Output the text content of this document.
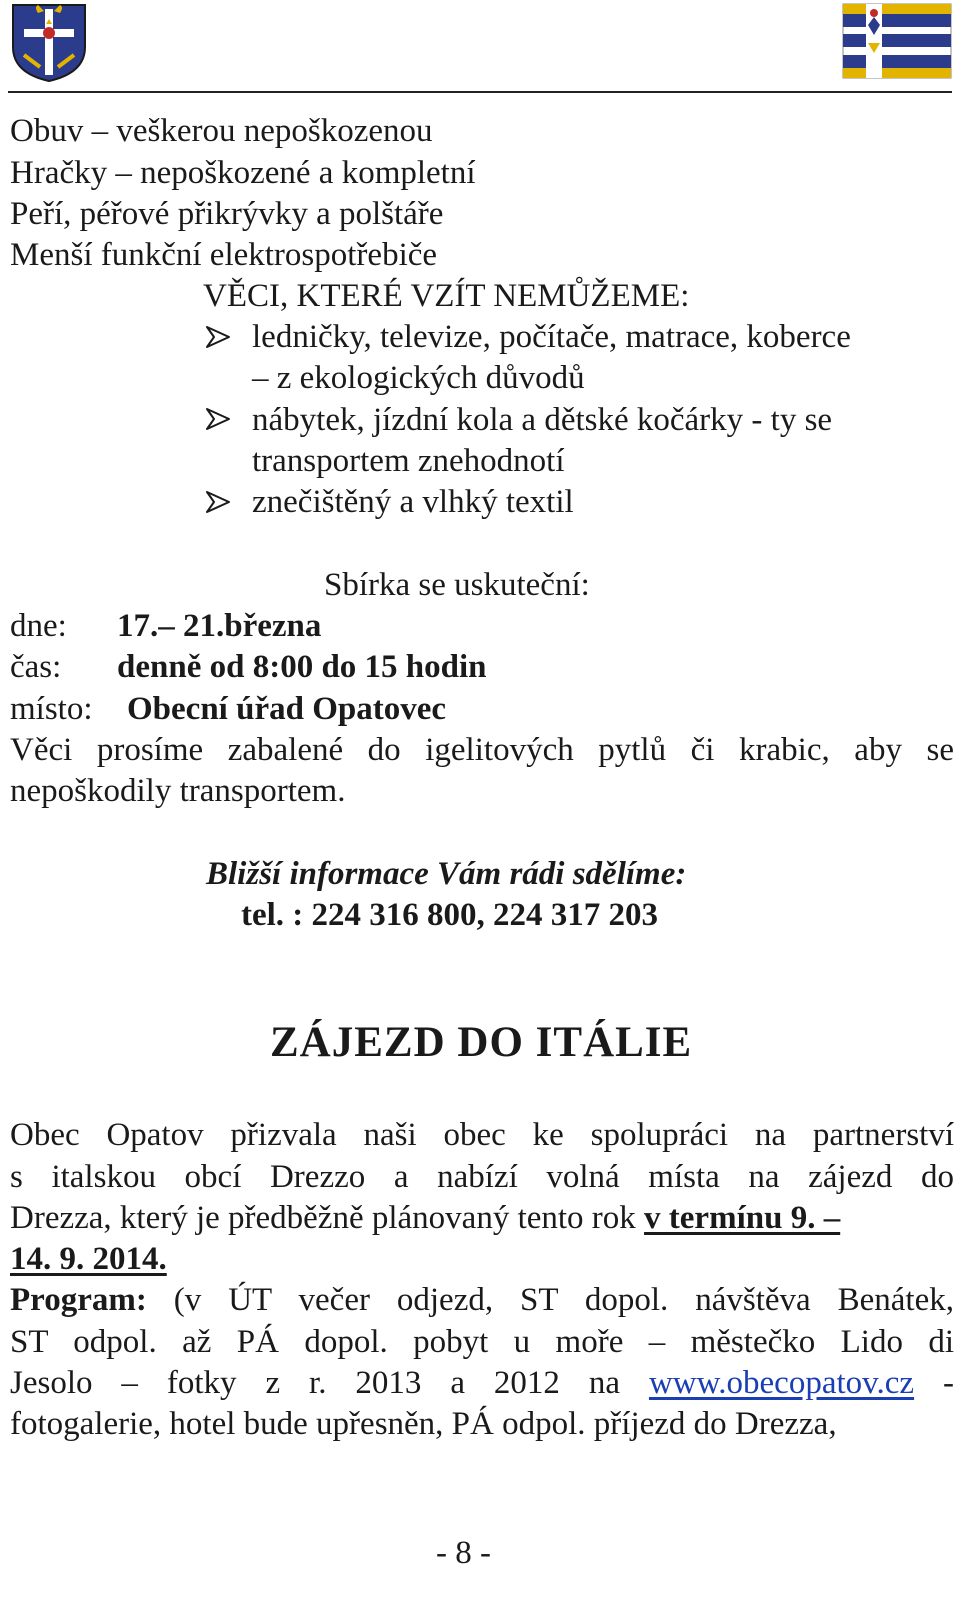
Obuv – veškerou nepoškozenou
Hračky – nepoškozené a kompletní
Peří, péřové přikrývky a polštáře
Menší funkční elektrospotřebiče
VĚCI, KTERÉ VZÍT NEMŮŽEME:
ledničky, televize, počítače, matrace, koberce
– z ekologických důvodů
nábytek, jízdní kola a dětské kočárky - ty se
transportem znehodnotí
znečištěný a vlhký textil
Sbírka se uskuteční:
dne: 17.– 21.března
čas: denně od 8:00 do 15 hodin
místo: Obecní úřad Opatovec
Věci prosíme zabalené do igelitových pytlů či krabic, aby se
nepoškodily transportem.
Bližší informace Vám rádi sdělíme:
tel. : 224 316 800, 224 317 203
ZÁJEZD DO ITÁLIE
Obec Opatov přizvala naši obec ke spolupráci na partnerství
s italskou obcí Drezzo a nabízí volná místa na zájezd do
Drezza, který je předběžně plánovaný tento rok v termínu 9. –
14. 9. 2014.
Program: (v ÚT večer odjezd, ST dopol. návštěva Benátek,
ST odpol. až PÁ dopol. pobyt u moře – městečko Lido di
Jesolo – fotky z r. 2013 a 2012 na www.obecopatov.cz -
fotogalerie, hotel bude upřesněn, PÁ odpol. příjezd do Drezza,
- 8 -
